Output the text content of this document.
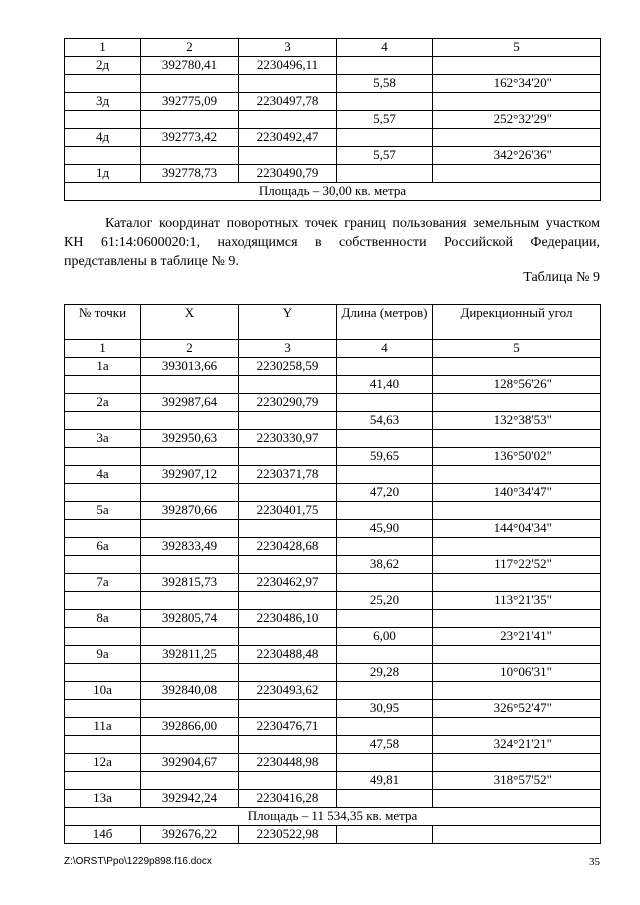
1	2	3	4	5
2д	392780,41	2230496,11		
			5,58	162°34'20"
3д	392775,09	2230497,78		
			5,57	252°32'29"
4д	392773,42	2230492,47		
			5,57	342°26'36"
1д	392778,73	2230490,79		
Площадь – 30,00 кв. метра				
Каталог координат поворотных точек границ пользования земельным участком КН 61:14:0600020:1, находящимся в собственности Российской Федерации, представлены в таблице № 9.
Таблица № 9
№ точки	X	Y	Длина (метров)	Дирекционный угол
1	2	3	4	5
1а	393013,66	2230258,59		
			41,40	128°56'26"
2а	392987,64	2230290,79		
			54,63	132°38'53"
3а	392950,63	2230330,97		
			59,65	136°50'02"
4а	392907,12	2230371,78		
			47,20	140°34'47"
5а	392870,66	2230401,75		
			45,90	144°04'34"
6а	392833,49	2230428,68		
			38,62	117°22'52"
7а	392815,73	2230462,97		
			25,20	113°21'35"
8а	392805,74	2230486,10		
			6,00	23°21'41"
9а	392811,25	2230488,48		
			29,28	10°06'31"
10а	392840,08	2230493,62		
			30,95	326°52'47"
11а	392866,00	2230476,71		
			47,58	324°21'21"
12а	392904,67	2230448,98		
			49,81	318°57'52"
13а	392942,24	2230416,28		
Площадь – 11 534,35 кв. метра				
14б	392676,22	2230522,98		
Z:\ORST\Ppo\1229p898.f16.docx	35
